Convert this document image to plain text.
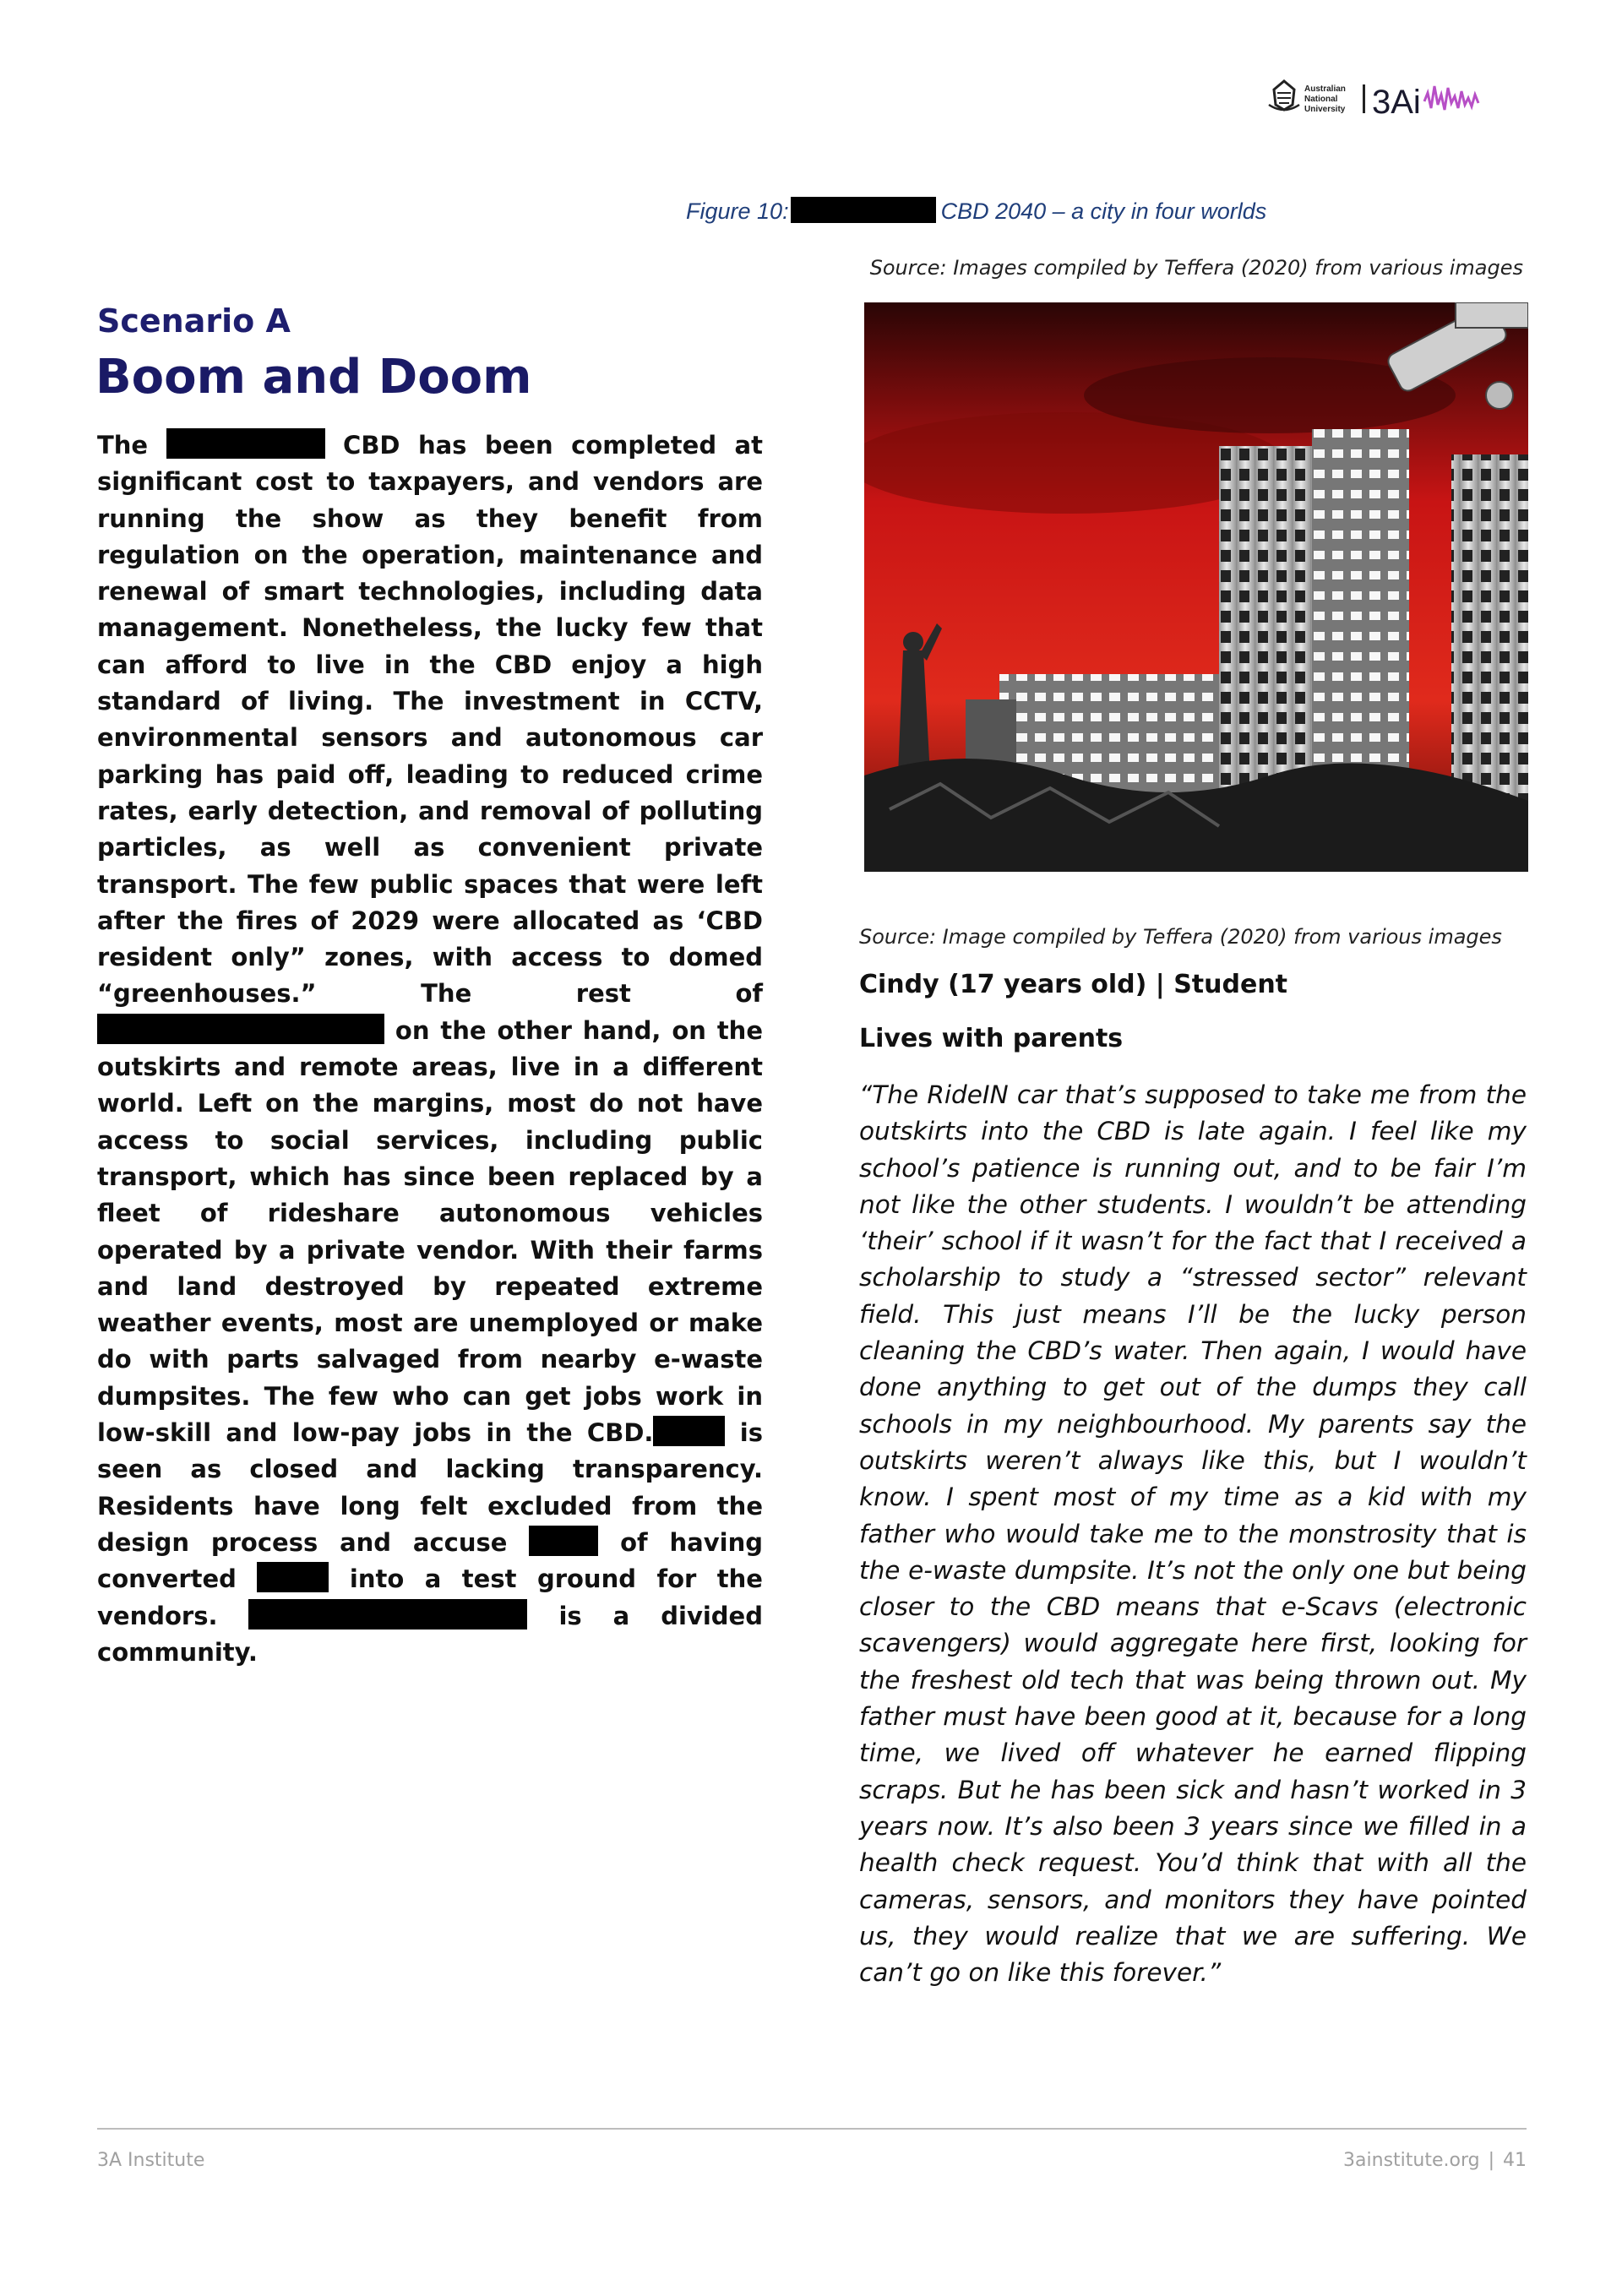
Australian
National
University 3Ai
Figure 10:	CBD 2040 – a city in four worlds
Source: Images compiled by Teffera (2020) from various images
Scenario A
Boom and Doom
The	CBD has been completed at significant cost to taxpayers, and vendors are running the show as they benefit from regulation on the operation, maintenance and renewal of smart technologies, including data management. Nonetheless, the lucky few that can afford to live in the CBD enjoy a high standard of living. The investment in CCTV, environmental sensors and autonomous car parking has paid off, leading to reduced crime rates, early detection, and removal of polluting particles, as well as convenient private transport. The few public spaces that were left after the fires of 2029 were allocated as ‘CBD resident only” zones, with access to domed “greenhouses.” The rest of  on the other hand, on the outskirts and remote areas, live in a different world. Left on the margins, most do not have access to social services, including public transport, which has since been replaced by a fleet of rideshare autonomous vehicles operated by a private vendor. With their farms and land destroyed by repeated extreme weather events, most are unemployed or make do with parts salvaged from nearby e-waste dumpsites. The few who can get jobs work in low-skill and low-pay jobs in the CBD.	is seen as closed and lacking transparency. Residents have long felt excluded from the design process and accuse	of having converted	into a test ground for the vendors.	is a divided community.
Source: Image compiled by Teffera (2020) from various images
Cindy (17 years old) | Student
Lives with parents

“The RideIN car that’s supposed to take me from the outskirts into the CBD is late again. I feel like my school’s patience is running out, and to be fair I’m not like the other students. I wouldn’t be attending ‘their’ school if it wasn’t for the fact that I received a scholarship to study a “stressed sector” relevant field. This just means I’ll be the lucky person cleaning the CBD’s water. Then again, I would have done anything to get out of the dumps they call schools in my neighbourhood. My parents say the outskirts weren’t always like this, but I wouldn’t know. I spent most of my time as a kid with my father who would take me to the monstrosity that is the e-waste dumpsite. It’s not the only one but being closer to the CBD means that e-Scavs (electronic scavengers) would aggregate here first, looking for the freshest old tech that was being thrown out. My father must have been good at it, because for a long time, we lived off whatever he earned flipping scraps. But he has been sick and hasn’t worked in 3 years now. It’s also been 3 years since we filled in a health check request. You’d think that with all the cameras, sensors, and monitors they have pointed us, they would realize that we are suffering. We can’t go on like this forever.”

3A Institute	3ainstitute.org | 41
